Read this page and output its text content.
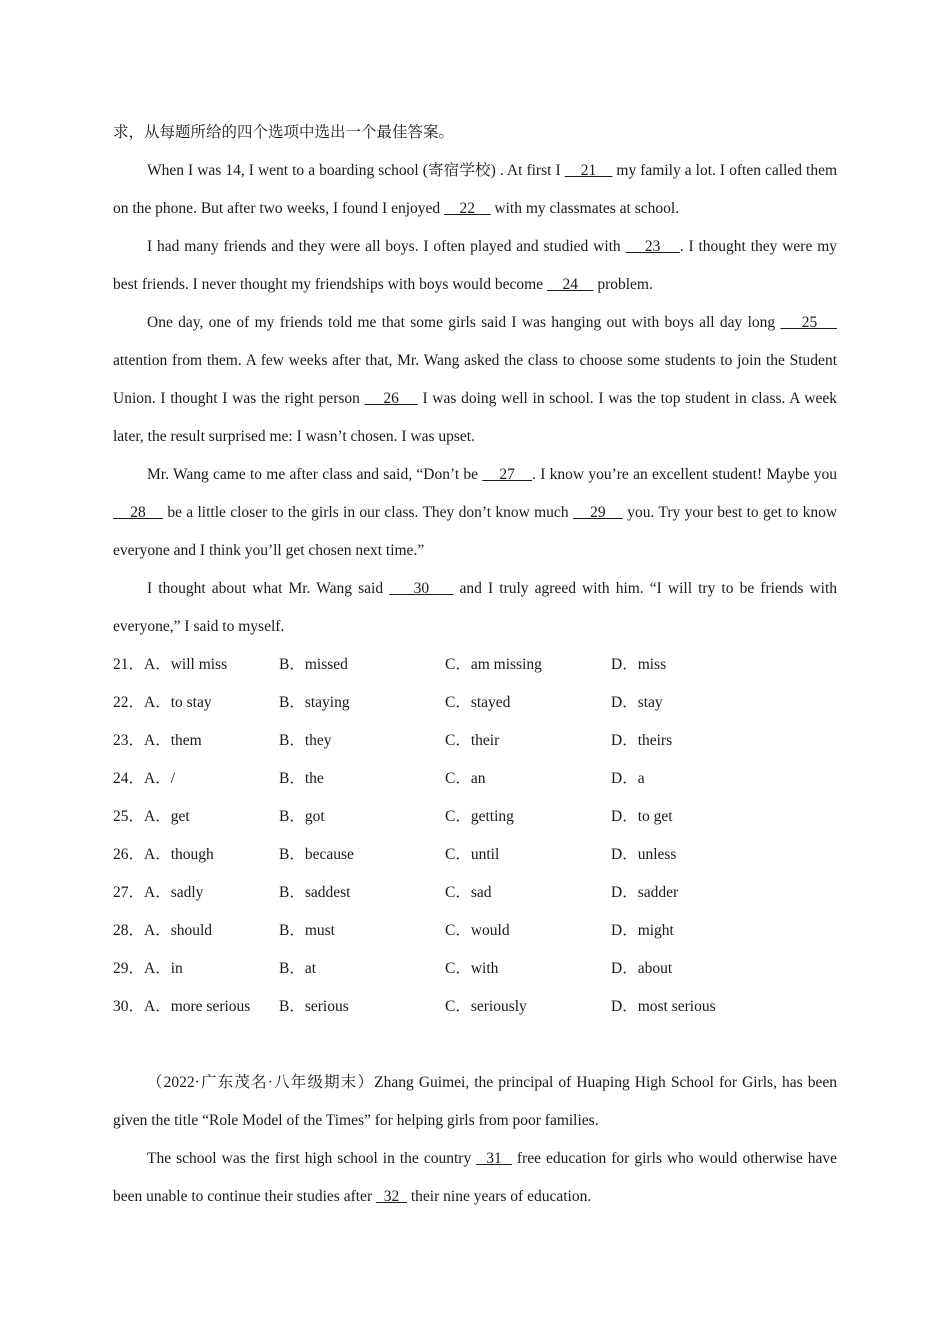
求，从每题所给的四个选项中选出一个最佳答案。

When I was 14, I went to a boarding school (寄宿学校) . At first I     21     my family a lot. I often called them on the phone. But after two weeks, I found I enjoyed     22     with my classmates at school.

I had many friends and they were all boys. I often played and studied with     23    . I thought they were my best friends. I never thought my friendships with boys would become     24     problem.

One day, one of my friends told me that some girls said I was hanging out with boys all day long     25     attention from them. A few weeks after that, Mr. Wang asked the class to choose some students to join the Student Union. I thought I was the right person     26     I was doing well in school. I was the top student in class. A week later, the result surprised me: I wasn’t chosen. I was upset.

Mr. Wang came to me after class and said, “Don’t be     27    . I know you’re an excellent student! Maybe you     28     be a little closer to the girls in our class. They don’t know much     29     you. Try your best to get to know everyone and I think you’ll get chosen next time.”

I thought about what Mr. Wang said     30     and I truly agreed with him. “I will try to be friends with everyone,” I said to myself.

21．A．will miss	B．missed	C．am missing	D．miss
22．A．to stay	B．staying	C．stayed	D．stay
23．A．them	B．they	C．their	D．theirs
24．A．/	B．the	C．an	D．a
25．A．get	B．got	C．getting	D．to get
26．A．though	B．because	C．until	D．unless
27．A．sadly	B．saddest	C．sad	D．sadder
28．A．should	B．must	C．would	D．might
29．A．in	B．at	C．with	D．about
30．A．more serious	B．serious	C．seriously	D．most serious

（2022·广东茂名·八年级期末）Zhang Guimei, the principal of Huaping High School for Girls, has been given the title “Role Model of the Times” for helping girls from poor families.

The school was the first high school in the country   31   free education for girls who would otherwise have been unable to continue their studies after   32   their nine years of education.
